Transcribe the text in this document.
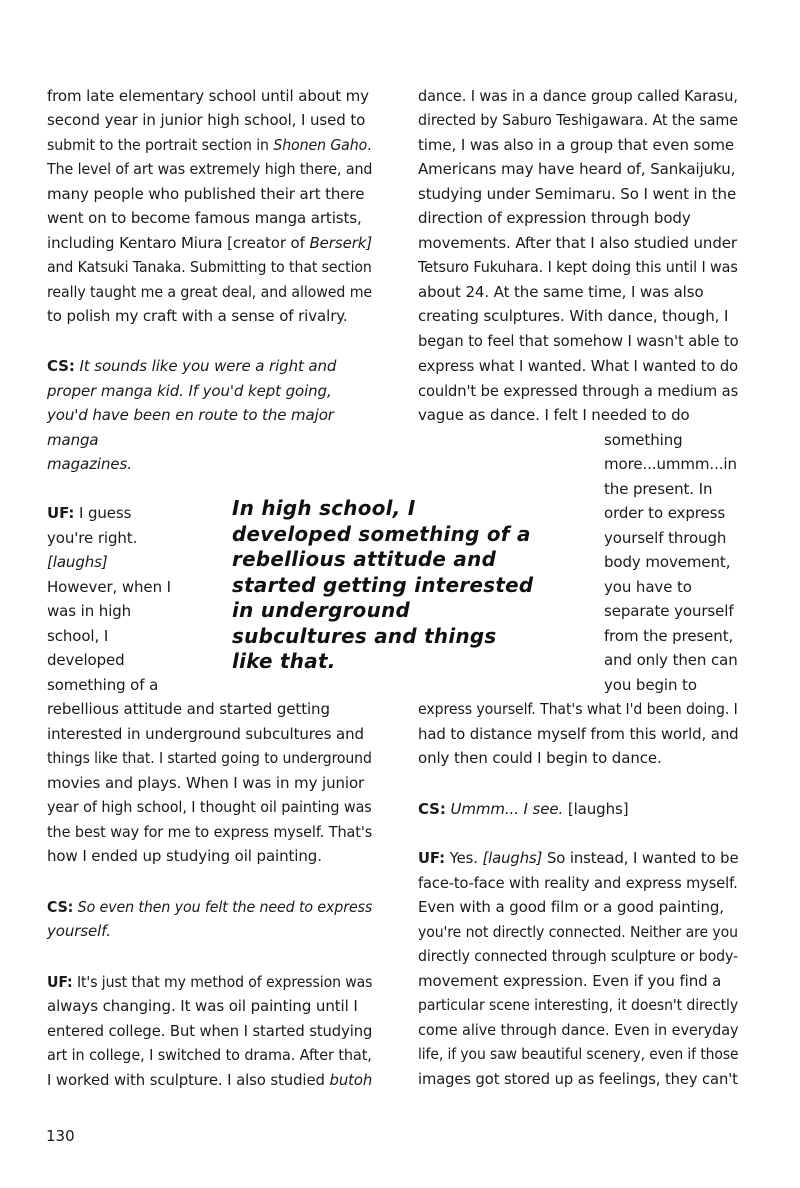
from late elementary school until about my
second year in junior high school, I used to
submit to the portrait section in Shonen Gaho.
The level of art was extremely high there, and
many people who published their art there
went on to become famous manga artists,
including Kentaro Miura [creator of Berserk]
and Katsuki Tanaka. Submitting to that section
really taught me a great deal, and allowed me
to polish my craft with a sense of rivalry.
CS: It sounds like you were a right and
proper manga kid. If you'd kept going,
you'd have been en route to the major
manga
magazines.
UF: I guess
you're right.
[laughs]
However, when I
was in high
school, I
developed
something of a
rebellious attitude and started getting
interested in underground subcultures and
things like that. I started going to underground
movies and plays. When I was in my junior
year of high school, I thought oil painting was
the best way for me to express myself. That's
how I ended up studying oil painting.
CS: So even then you felt the need to express
yourself.
UF: It's just that my method of expression was
always changing. It was oil painting until I
entered college. But when I started studying
art in college, I switched to drama. After that,
I worked with sculpture. I also studied butoh
dance. I was in a dance group called Karasu,
directed by Saburo Teshigawara. At the same
time, I was also in a group that even some
Americans may have heard of, Sankaijuku,
studying under Semimaru. So I went in the
direction of expression through body
movements. After that I also studied under
Tetsuro Fukuhara. I kept doing this until I was
about 24. At the same time, I was also
creating sculptures. With dance, though, I
began to feel that somehow I wasn't able to
express what I wanted. What I wanted to do
couldn't be expressed through a medium as
vague as dance. I felt I needed to do
something
more...ummm...in
the present. In
order to express
yourself through
body movement,
you have to
separate yourself
from the present,
and only then can
you begin to
express yourself. That's what I'd been doing. I
had to distance myself from this world, and
only then could I begin to dance.
CS: Ummm... I see. [laughs]
UF: Yes. [laughs] So instead, I wanted to be
face-to-face with reality and express myself.
Even with a good film or a good painting,
you're not directly connected. Neither are you
directly connected through sculpture or body-
movement expression. Even if you find a
particular scene interesting, it doesn't directly
come alive through dance. Even in everyday
life, if you saw beautiful scenery, even if those
images got stored up as feelings, they can't
In high school, I
developed something of a
rebellious attitude and
started getting interested
in underground
subcultures and things
like that.
130
